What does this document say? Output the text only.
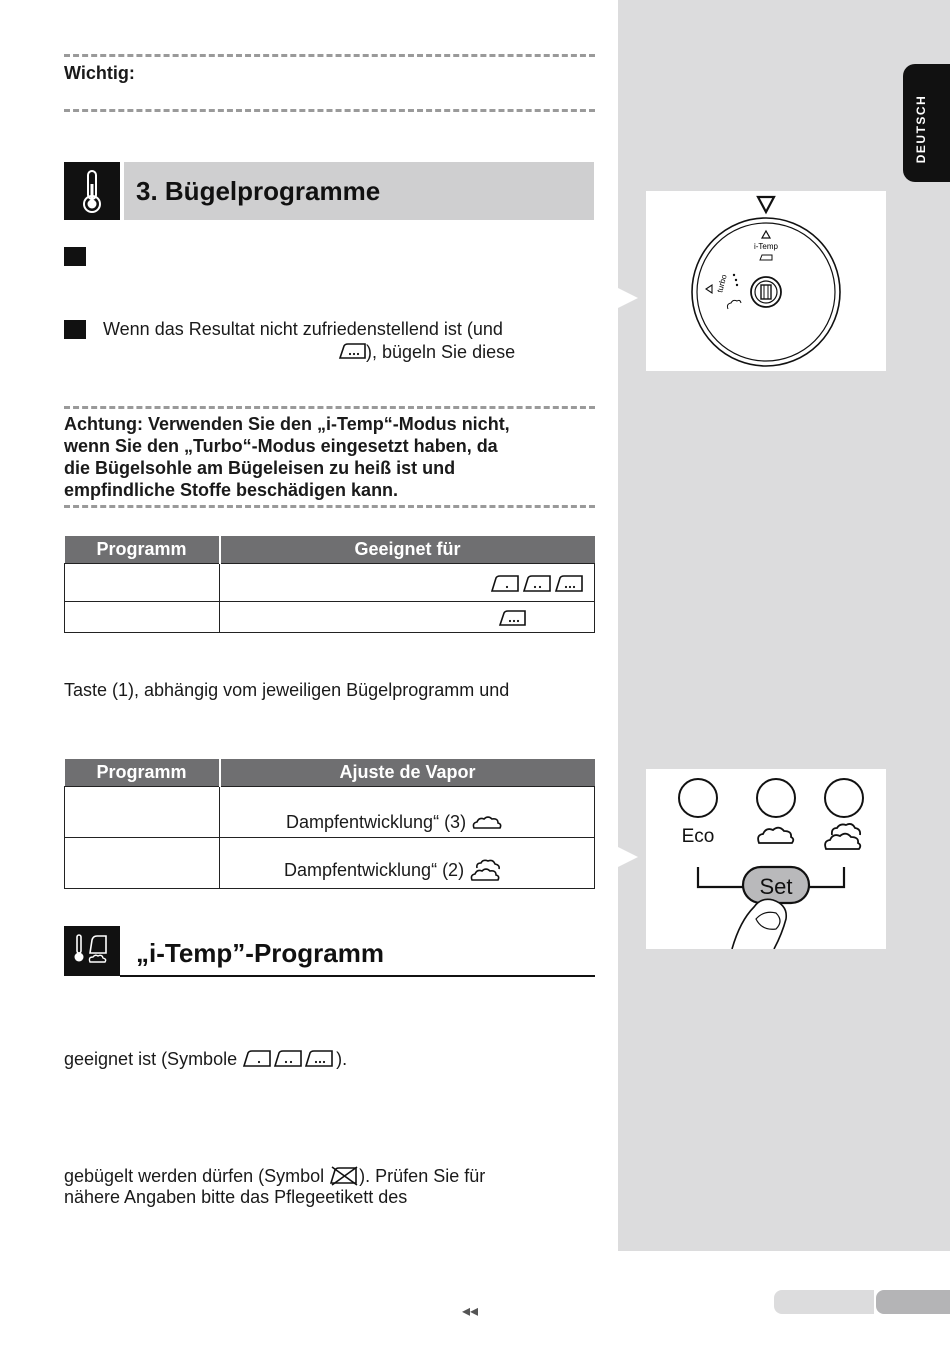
DEUTSCH
Wichtig:
3. Bügelprogramme
Wenn das Resultat nicht zufriedenstellend ist (und
), bügeln Sie diese
Achtung: Verwenden Sie den „i-Temp“-Modus nicht,
wenn Sie den „Turbo“-Modus eingesetzt haben, da
die Bügelsohle am Bügeleisen zu heiß ist und
empfindliche Stoffe beschädigen kann.
Programm	Geeignet für

Taste (1), abhängig vom jeweiligen Bügelprogramm und
Programm	Ajuste de Vapor
	Dampfentwicklung“ (3)
	Dampfentwicklung“ (2)
„i-Temp”-Programm
geeignet ist (Symbole	).
gebügelt werden dürfen (Symbol ). Prüfen Sie für
nähere Angaben bitte das Pflegeetikett des
i-Temp
turbo
Eco
Set
◂◂
